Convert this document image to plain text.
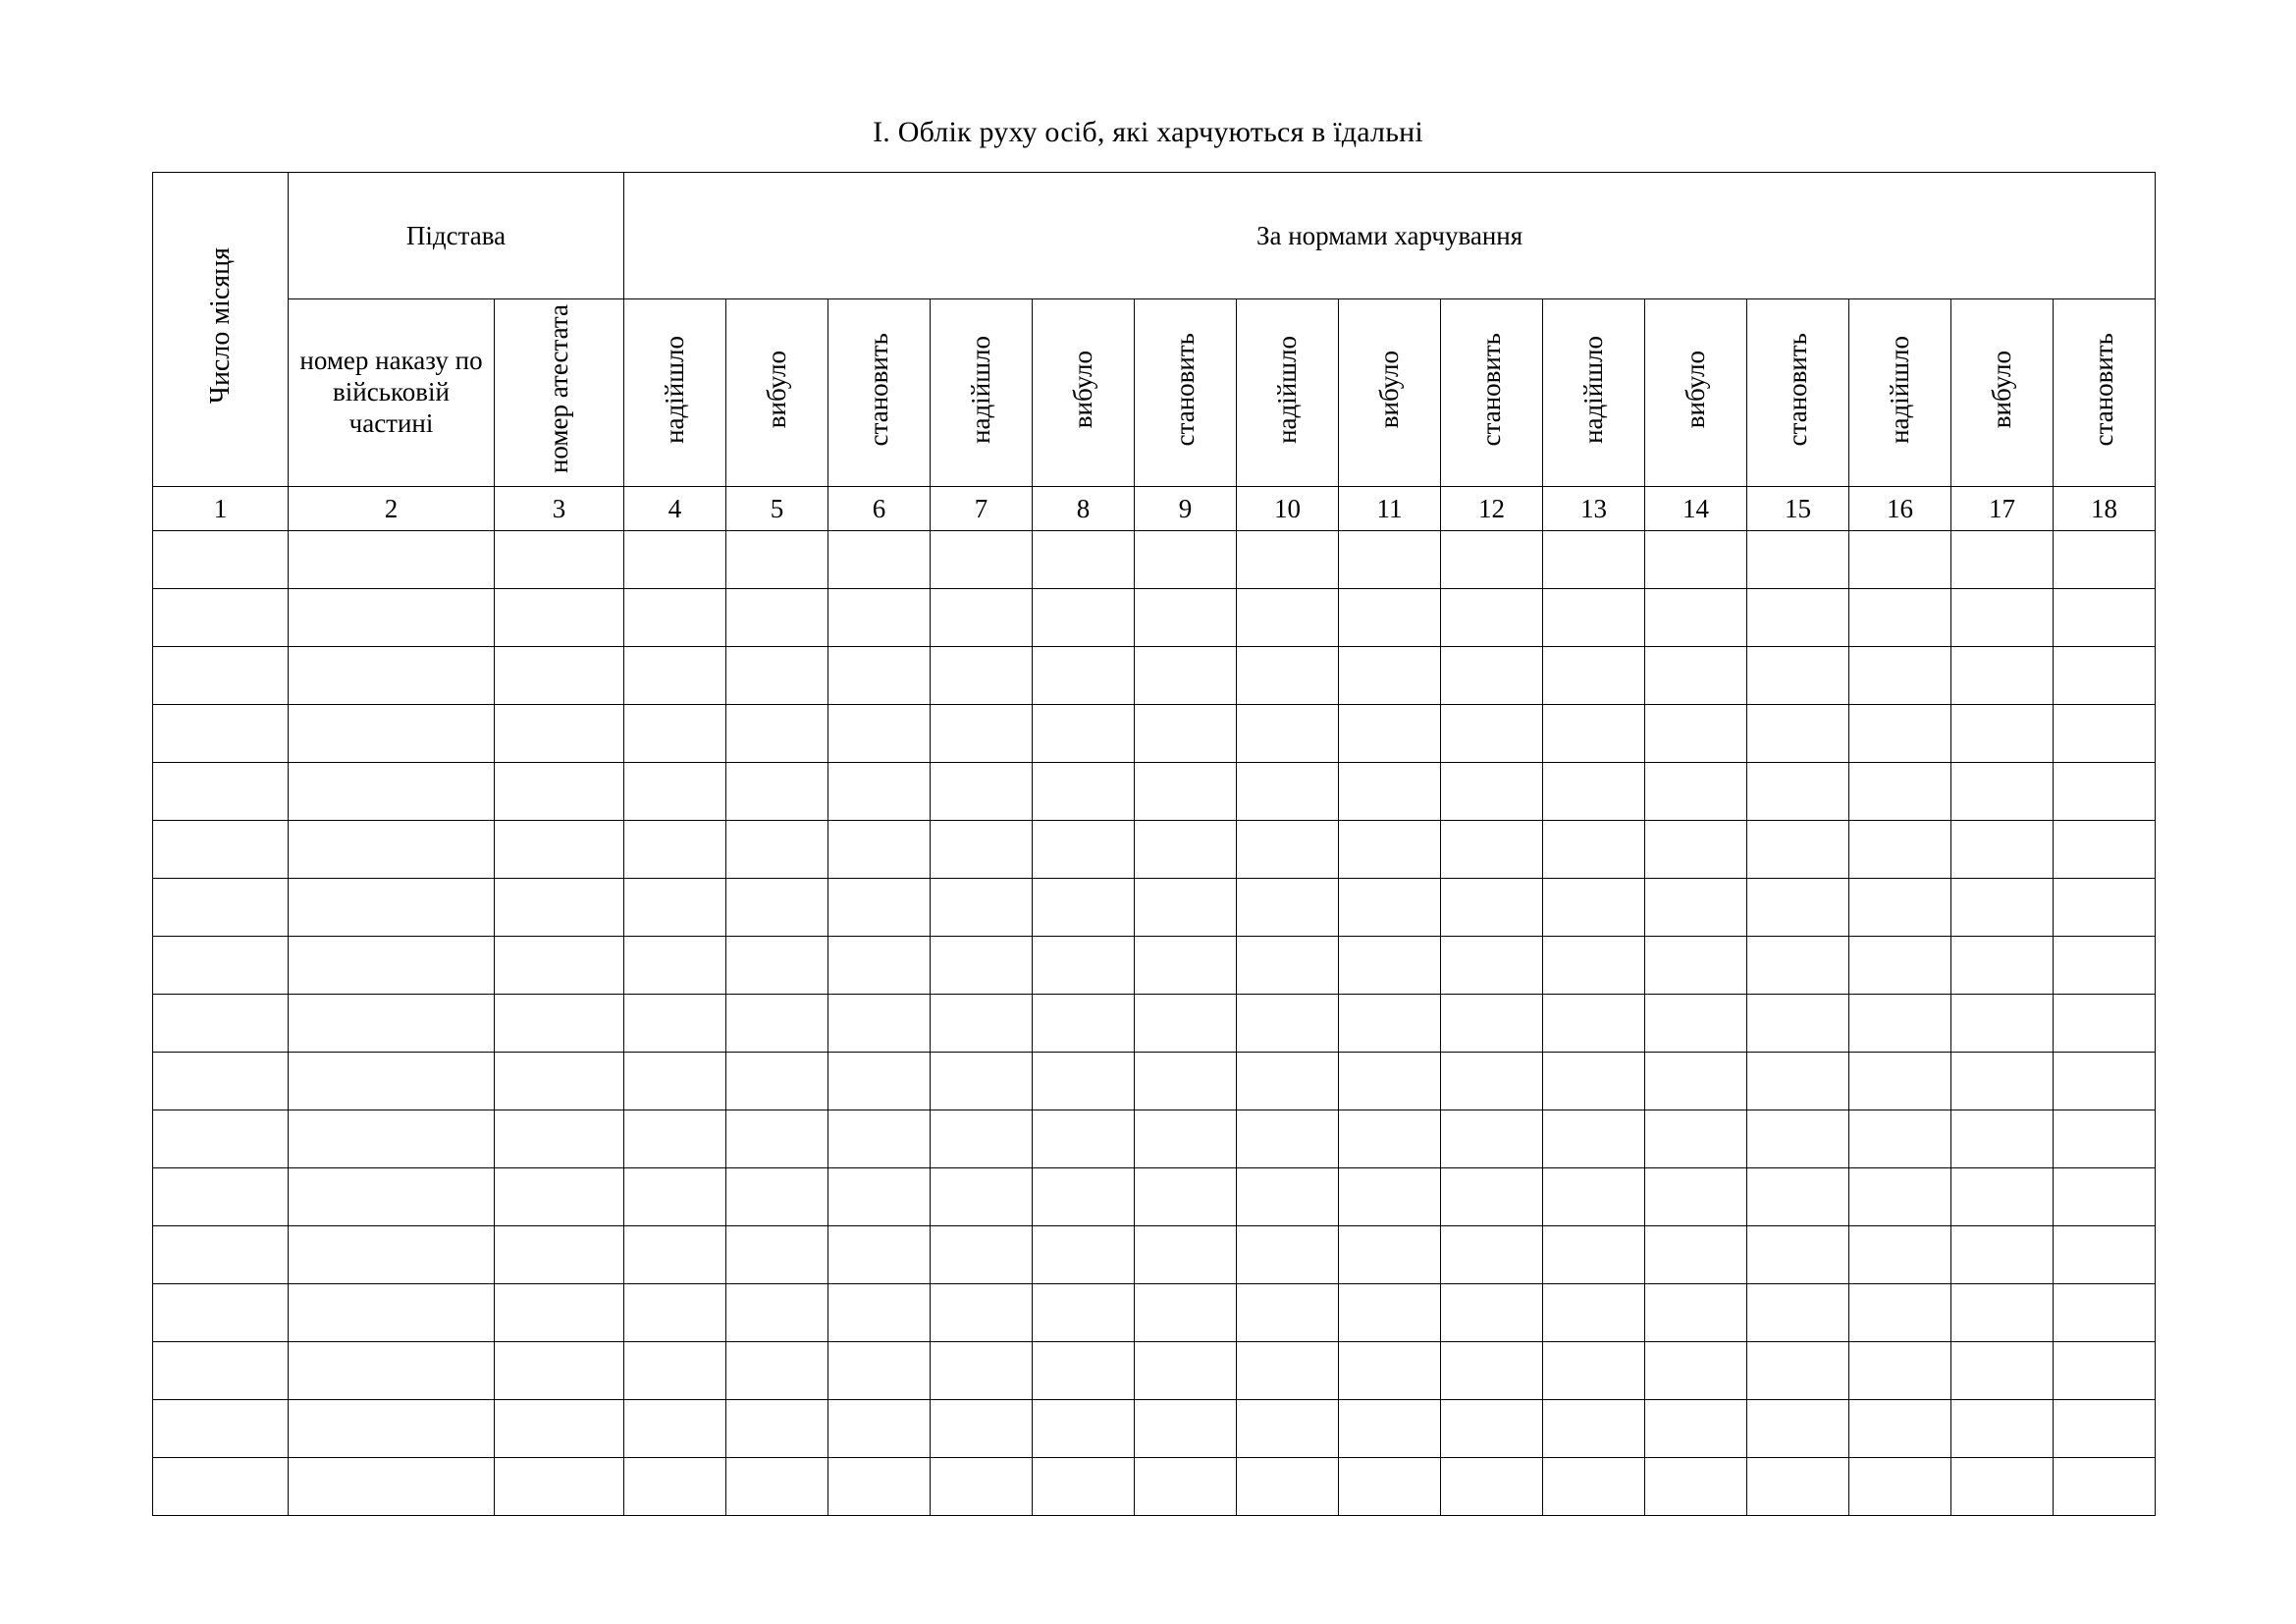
I. Облік руху осіб, які харчуються в їдальні
Число місяця	Підстава		За нормами харчування														

	номер наказу по військовій частині	номер атестата	надійшло	вибуло	становить	надійшло	вибуло	становить	надійшло	вибуло	становить	надійшло	вибуло	становить	надійшло	вибуло	становить
1	2	3	4	5	6	7	8	9	10	11	12	13	14	15	16	17	18
